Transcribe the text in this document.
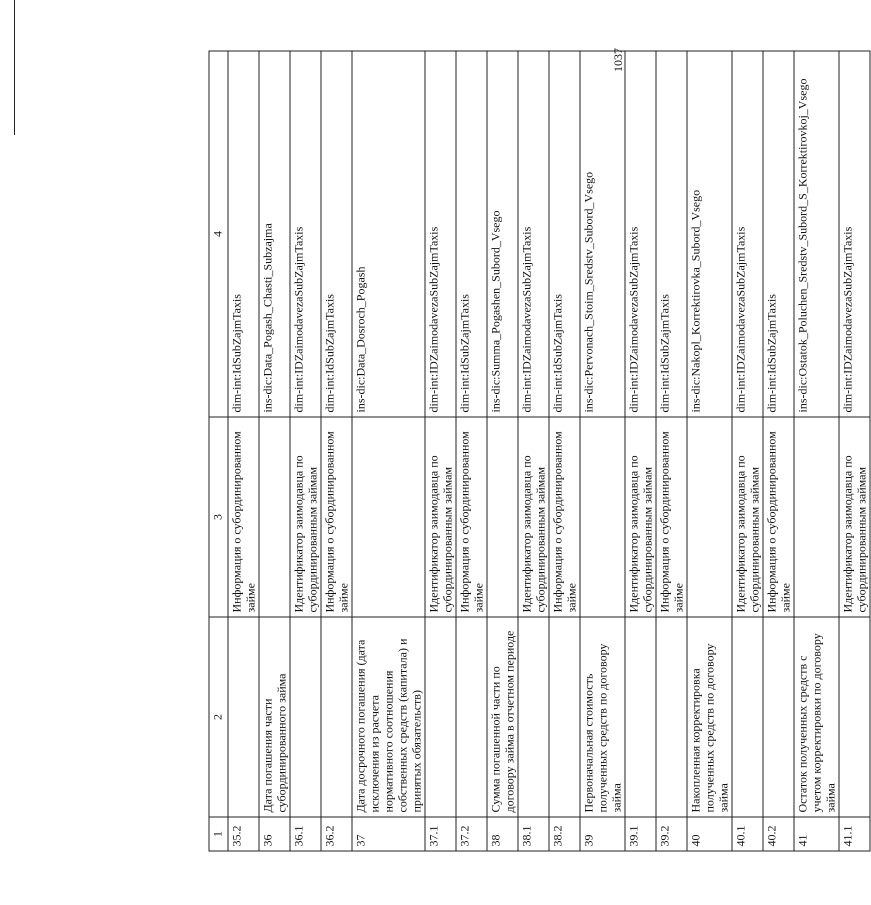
1037
1	2	3	4
35.2		Информация о субординированном займе	dim-int:IdSubZajmTaxis

36	Дата погашения части субординированного займа		ins-dic:Data_Pogash_Chasti_Subzajma

36.1		Идентификатор заимодавца по субординированным займам	dim-int:IDZaimodavezaSubZajmTaxis

36.2		Информация о субординированном займе	dim-int:IdSubZajmTaxis

37	Дата досрочного погашения (дата исключения из расчета нормативного соотношения собственных средств (капитала) и принятых обязательств)		ins-dic:Data_Dosroch_Pogash

37.1		Идентификатор заимодавца по субординированным займам	dim-int:IDZaimodavezaSubZajmTaxis

37.2		Информация о субординированном займе	dim-int:IdSubZajmTaxis

38	Сумма погашенной части по договору займа в отчетном периоде		ins-dic:Summa_Pogashen_Subord_Vsego

38.1		Идентификатор заимодавца по субординированным займам	dim-int:IDZaimodavezaSubZajmTaxis

38.2		Информация о субординированном займе	dim-int:IdSubZajmTaxis

39	Первоначальная стоимость полученных средств по договору займа		ins-dic:Pervonach_Stoim_Sredstv_Subord_Vsego

39.1		Идентификатор заимодавца по субординированным займам	dim-int:IDZaimodavezaSubZajmTaxis

39.2		Информация о субординированном займе	dim-int:IdSubZajmTaxis

40	Накопленная корректировка полученных средств по договору займа		ins-dic:Nakopl_Korrektirovka_Subord_Vsego

40.1		Идентификатор заимодавца по субординированным займам	dim-int:IDZaimodavezaSubZajmTaxis

40.2		Информация о субординированном займе	dim-int:IdSubZajmTaxis

41	Остаток полученных средств с учетом корректировки по договору займа		ins-dic:Ostatok_Poluchen_Sredstv_Subord_S_Korrektirovkoj_Vsego

41.1		Идентификатор заимодавца по субординированным займам	dim-int:IDZaimodavezaSubZajmTaxis
